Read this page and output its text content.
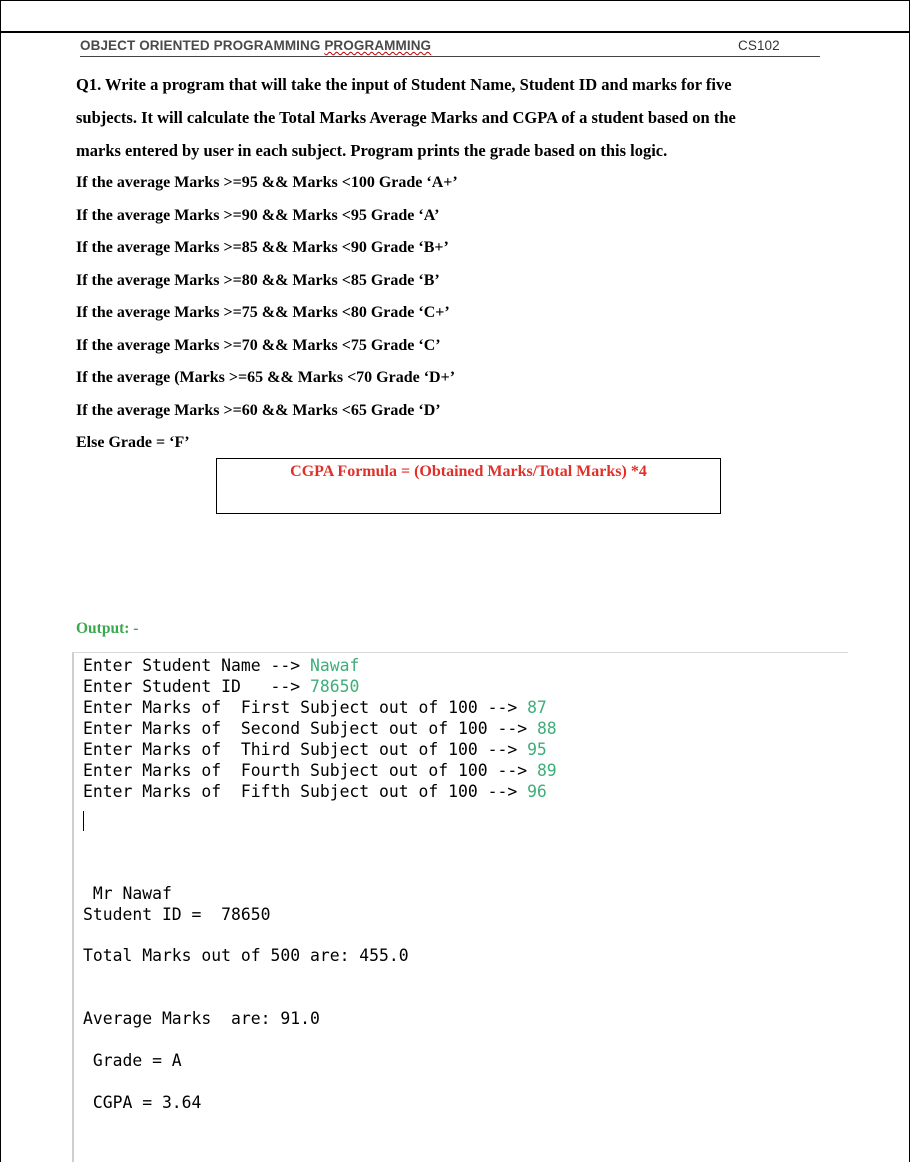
OBJECT ORIENTED PROGRAMMING PROGRAMMING	CS102

Q1. Write a program that will take the input of Student Name, Student ID and marks for five

subjects. It will calculate the Total Marks Average Marks and CGPA of a student based on the

marks entered by user in each subject. Program prints the grade based on this logic.

If the average Marks >=95 && Marks <100 Grade ‘A+’
If the average Marks >=90 && Marks <95 Grade ‘A’
If the average Marks >=85 && Marks <90 Grade ‘B+’
If the average Marks >=80 && Marks <85 Grade ‘B’
If the average Marks >=75 && Marks <80 Grade ‘C+’
If the average Marks >=70 && Marks <75 Grade ‘C’
If the average (Marks >=65 && Marks <70 Grade ‘D+’
If the average Marks >=60 && Marks <65 Grade ‘D’
Else Grade = ‘F’
CGPA Formula = (Obtained Marks/Total Marks) *4
Output: -
Enter Student Name --> Nawaf
Enter Student ID   --> 78650
Enter Marks of  First Subject out of 100 --> 87
Enter Marks of  Second Subject out of 100 --> 88
Enter Marks of  Third Subject out of 100 --> 95
Enter Marks of  Fourth Subject out of 100 --> 89
Enter Marks of  Fifth Subject out of 100 --> 96
Mr Nawaf
Student ID =  78650
Total Marks out of 500 are: 455.0
Average Marks  are: 91.0
Grade = A
CGPA = 3.64
